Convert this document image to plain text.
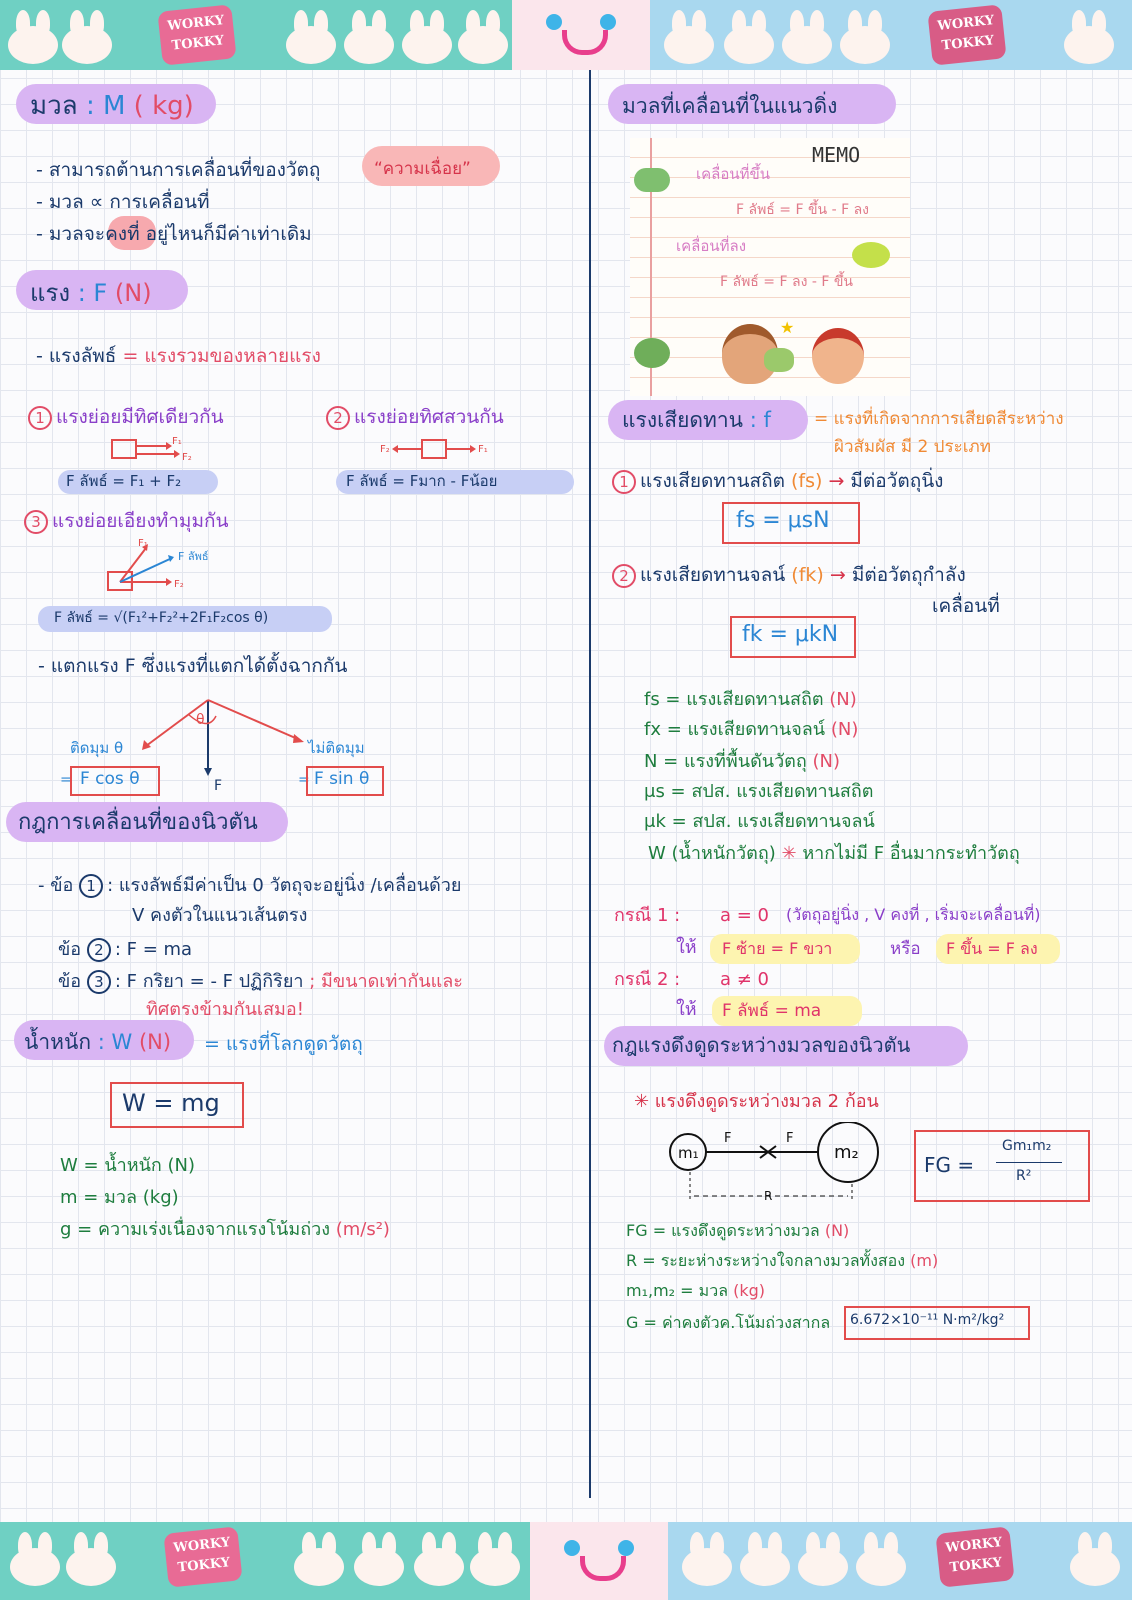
WORKY TOKKY
WORKY TOKKY
มวล : M ( kg)
- สามารถต้านการเคลื่อนที่ของวัตถุ	“ความเฉื่อย”
- มวล ∝ การเคลื่อนที่
- มวลจะคงที่ อยู่ไหนก็มีค่าเท่าเดิม
แรง : F (N)
- แรงลัพธ์ = แรงรวมของหลายแรง
1 แรงย่อยมีทิศเดียวกัน
F₁
F₂
F ลัพธ์ = F₁ + F₂
2 แรงย่อยทิศสวนกัน
F₂	F₁
F ลัพธ์ = Fมาก - Fน้อย
3 แรงย่อยเอียงทำมุมกัน
F₁
F₂
F ลัพธ์
F ลัพธ์ = √(F₁²+F₂²+2F₁F₂cos θ)
- แตกแรง F ซึ่งแรงที่แตกได้ตั้งฉากกัน
θ
ติดมุม θ	ไม่ติดมุม
F
= F cos θ	= F sin θ
กฎการเคลื่อนที่ของนิวตัน
- ข้อ 1 : แรงลัพธ์มีค่าเป็น 0 วัตถุจะอยู่นิ่ง /เคลื่อนด้วย
V คงตัวในแนวเส้นตรง
ข้อ 2 : F = ma
ข้อ 3 : F กริยา = - F ปฏิกิริยา ; มีขนาดเท่ากันและ
ทิศตรงข้ามกันเสมอ!
น้ำหนัก : W (N) = แรงที่โลกดูดวัตถุ
W = mg
W = น้ำหนัก (N)
m = มวล (kg)
g = ความเร่งเนื่องจากแรงโน้มถ่วง (m/s²)
มวลที่เคลื่อนที่ในแนวดิ่ง
MEMO
เคลื่อนที่ขึ้น
F ลัพธ์ = F ขึ้น - F ลง
เคลื่อนที่ลง
F ลัพธ์ = F ลง - F ขึ้น
★
แรงเสียดทาน : f	= แรงที่เกิดจากการเสียดสีระหว่าง
ผิวสัมผัส มี 2 ประเภท
1 แรงเสียดทานสถิต (fs) → มีต่อวัตถุนิ่ง
fs = μsN
2 แรงเสียดทานจลน์ (fk) → มีต่อวัตถุกำลัง
เคลื่อนที่
fk = μkN
fs = แรงเสียดทานสถิต (N)
fx = แรงเสียดทานจลน์ (N)
N = แรงที่พื้นดันวัตถุ (N)
μs = สปส. แรงเสียดทานสถิต
μk = สปส. แรงเสียดทานจลน์
W (น้ำหนักวัตถุ) ✳ หากไม่มี F อื่นมากระทำวัตถุ
กรณี 1 : a = 0 (วัตถุอยู่นิ่ง , V คงที่ , เริ่มจะเคลื่อนที่)
ให้ F ซ้าย = F ขวา	หรือ F ขึ้น = F ลง
กรณี 2 : a ≠ 0
ให้ F ลัพธ์ = ma
กฎแรงดึงดูดระหว่างมวลของนิวตัน
✳ แรงดึงดูดระหว่างมวล 2 ก้อน
m₁	m₂
F	F
R
FG =
Gm₁m₂
R²
FG = แรงดึงดูดระหว่างมวล (N)
R = ระยะห่างระหว่างใจกลางมวลทั้งสอง (m)
m₁,m₂ = มวล (kg)
G = ค่าคงตัวค.โน้มถ่วงสากล 6.672×10⁻¹¹ N·m²/kg²
WORKY TOKKY
WORKY TOKKY
